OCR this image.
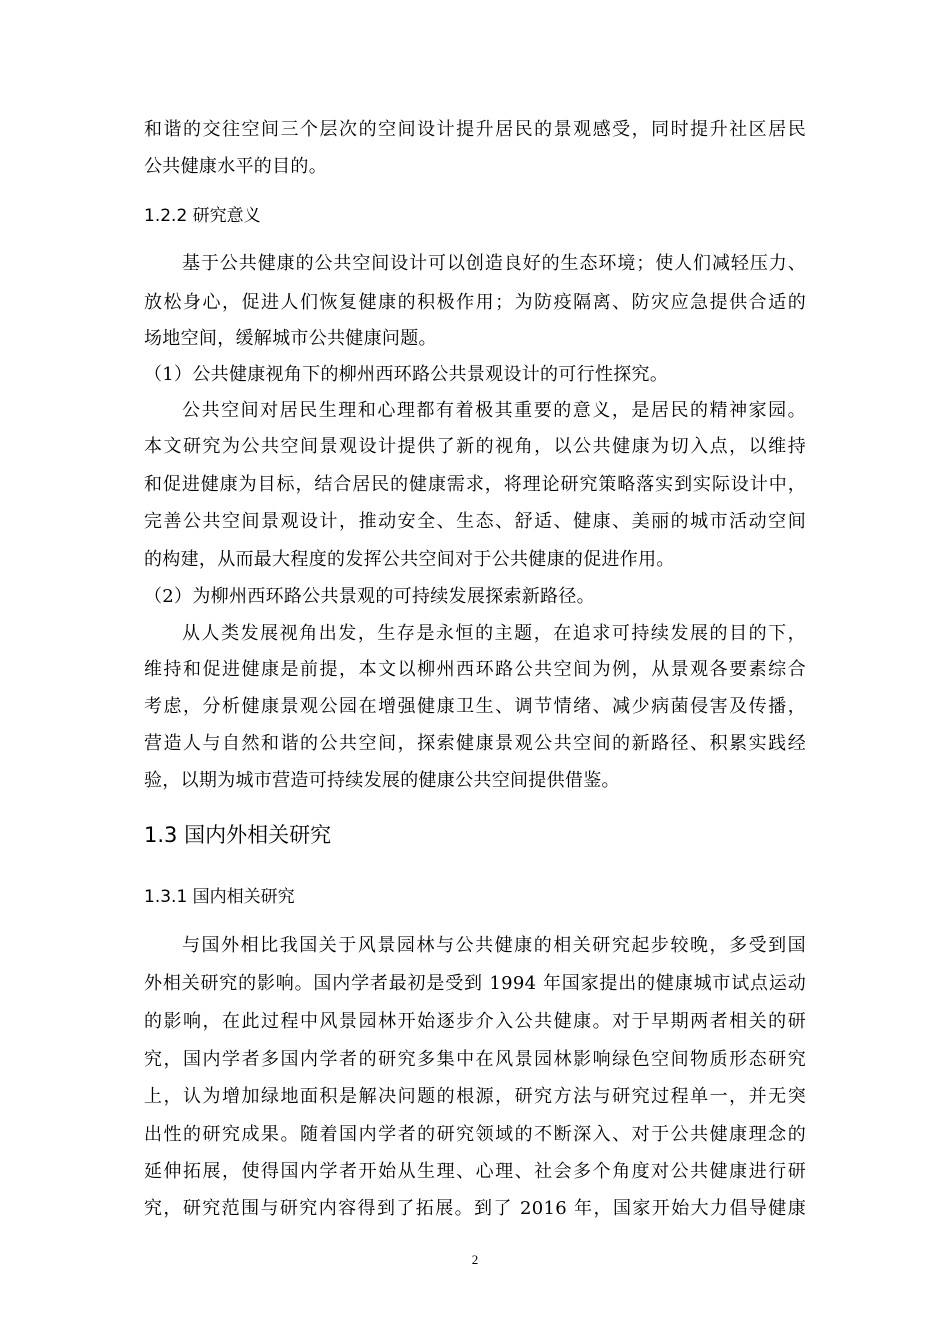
和谐的交往空间三个层次的空间设计提升居民的景观感受，同时提升社区居民
公共健康水平的目的。
1.2.2 研究意义
基于公共健康的公共空间设计可以创造良好的生态环境；使人们减轻压力、
放松身心，促进人们恢复健康的积极作用；为防疫隔离、防灾应急提供合适的
场地空间，缓解城市公共健康问题。
（1）公共健康视角下的柳州西环路公共景观设计的可行性探究。
公共空间对居民生理和心理都有着极其重要的意义，是居民的精神家园。
本文研究为公共空间景观设计提供了新的视角，以公共健康为切入点，以维持
和促进健康为目标，结合居民的健康需求，将理论研究策略落实到实际设计中，
完善公共空间景观设计，推动安全、生态、舒适、健康、美丽的城市活动空间
的构建，从而最大程度的发挥公共空间对于公共健康的促进作用。
（2）为柳州西环路公共景观的可持续发展探索新路径。
从人类发展视角出发，生存是永恒的主题，在追求可持续发展的目的下，
维持和促进健康是前提，本文以柳州西环路公共空间为例，从景观各要素综合
考虑，分析健康景观公园在增强健康卫生、调节情绪、减少病菌侵害及传播，
营造人与自然和谐的公共空间，探索健康景观公共空间的新路径、积累实践经
验，以期为城市营造可持续发展的健康公共空间提供借鉴。
1.3 国内外相关研究
1.3.1 国内相关研究
与国外相比我国关于风景园林与公共健康的相关研究起步较晚，多受到国
外相关研究的影响。国内学者最初是受到 1994 年国家提出的健康城市试点运动
的影响，在此过程中风景园林开始逐步介入公共健康。对于早期两者相关的研
究，国内学者多国内学者的研究多集中在风景园林影响绿色空间物质形态研究
上，认为增加绿地面积是解决问题的根源，研究方法与研究过程单一，并无突
出性的研究成果。随着国内学者的研究领域的不断深入、对于公共健康理念的
延伸拓展，使得国内学者开始从生理、心理、社会多个角度对公共健康进行研
究，研究范围与研究内容得到了拓展。到了 2016 年，国家开始大力倡导健康
2
